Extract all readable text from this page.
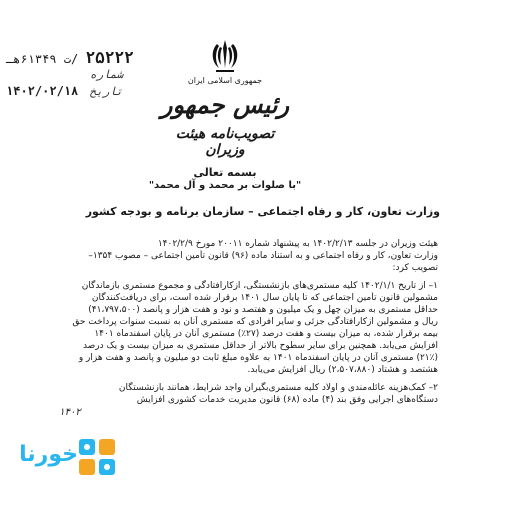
۲۵۲۲۲ /ت ۶۱۳۴۹هـ
شماره
تاریخ ۱۴۰۲/۰۲/۱۸
جمهوری اسلامی ایران
رئیس جمهور
تصویب‌نامه هیئت وزیران
بسمه تعالی
"با صلوات بر محمد و آل محمد"
وزارت تعاون، کار و رفاه اجتماعی – سازمان برنامه و بودجه کشور
هیئت وزیران در جلسه ۱۴۰۲/۲/۱۳ به پیشنهاد شماره ۲۰۰۱۱ مورخ ۱۴۰۲/۲/۹
وزارت تعاون، کار و رفاه اجتماعی و به استناد ماده (۹۶) قانون تأمین اجتماعی – مصوب ۱۳۵۴–
تصویب کرد:
۱– از تاریخ ۱۴۰۲/۱/۱ کلیه مستمری‌های بازنشستگی، ازکارافتادگی و مجموع مستمری بازماندگان
مشمولین قانون تأمین اجتماعی که تا پایان سال ۱۴۰۱ برقرار شده است، برای دریافت‌کنندگان
حداقل مستمری به میزان چهل و یک میلیون و هفتصد و نود و هفت هزار و پانصد (۴۱،۷۹۷،۵۰۰)
ریال و مشمولین ازکارافتادگی جزئی و سایر افرادی که مستمری آنان به نسبت سنوات پرداخت حق
بیمه برقرار شده، به میزان بیست و هفت درصد (۲۷٪) مستمری آنان در پایان اسفندماه ۱۴۰۱
افزایش می‌یابد. همچنین برای سایر سطوح بالاتر از حداقل مستمری به میزان بیست و یک درصد
(۲۱٪) مستمری آنان در پایان اسفندماه ۱۴۰۱ به علاوه مبلغ ثابت دو میلیون و پانصد و هفت هزار و
هشتصد و هشتاد (۲،۵۰۷،۸۸۰) ریال افزایش می‌یابد.
۲– کمک‌هزینه عائله‌مندی و اولاد کلیه مستمری‌بگیران واجد شرایط، همانند بازنشستگان
دستگاه‌های اجرایی وفق بند (۴) ماده (۶۸) قانون مدیریت خدمات کشوری افزایش
۱۴۰۲
خورنا
